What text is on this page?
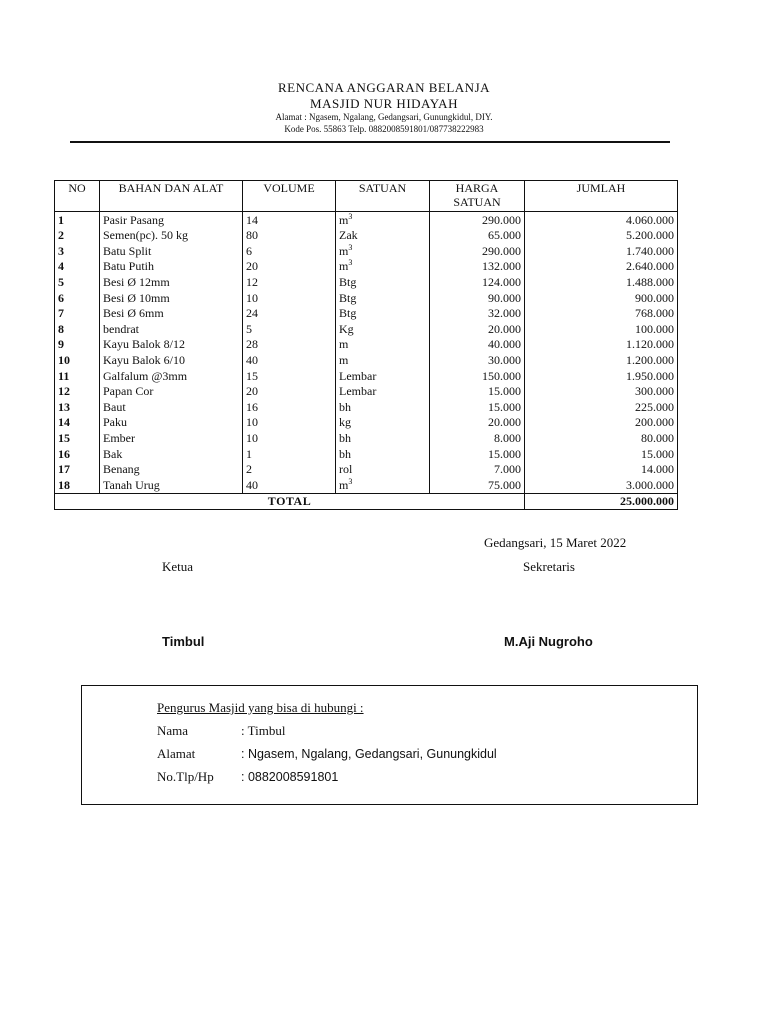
RENCANA ANGGARAN BELANJA
MASJID NUR HIDAYAH
Alamat : Ngasem, Ngalang, Gedangsari, Gunungkidul, DIY.
Kode Pos. 55863 Telp. 0882008591801/087738222983
NO	BAHAN DAN ALAT	VOLUME	SATUAN	HARGA SATUAN	JUMLAH
1	Pasir Pasang	14	$m^3$	290.000	4.060.000
2	Semen(pc). 50 kg	80	Zak	65.000	5.200.000
3	Batu Split	6	$m^3$	290.000	1.740.000
4	Batu Putih	20	$m^3$	132.000	2.640.000
5	Besi Ø 12mm	12	Btg	124.000	1.488.000
6	Besi Ø 10mm	10	Btg	90.000	900.000
7	Besi Ø 6mm	24	Btg	32.000	768.000
8	bendrat	5	Kg	20.000	100.000
9	Kayu Balok 8/12	28	m	40.000	1.120.000
10	Kayu Balok 6/10	40	m	30.000	1.200.000
11	Galfalum @3mm	15	Lembar	150.000	1.950.000
12	Papan Cor	20	Lembar	15.000	300.000
13	Baut	16	bh	15.000	225.000
14	Paku	10	kg	20.000	200.000
15	Ember	10	bh	8.000	80.000
16	Bak	1	bh	15.000	15.000
17	Benang	2	rol	7.000	14.000
18	Tanah Urug	40	$m^3$	75.000	3.000.000
TOTAL					25.000.000
Gedangsari, 15 Maret 2022
Ketua	Sekretaris
Timbul	M.Aji Nugroho
Pengurus Masjid yang bisa di hubungi :
Nama	: Timbul
Alamat	: Ngasem, Ngalang, Gedangsari, Gunungkidul
No.Tlp/Hp : 0882008591801
